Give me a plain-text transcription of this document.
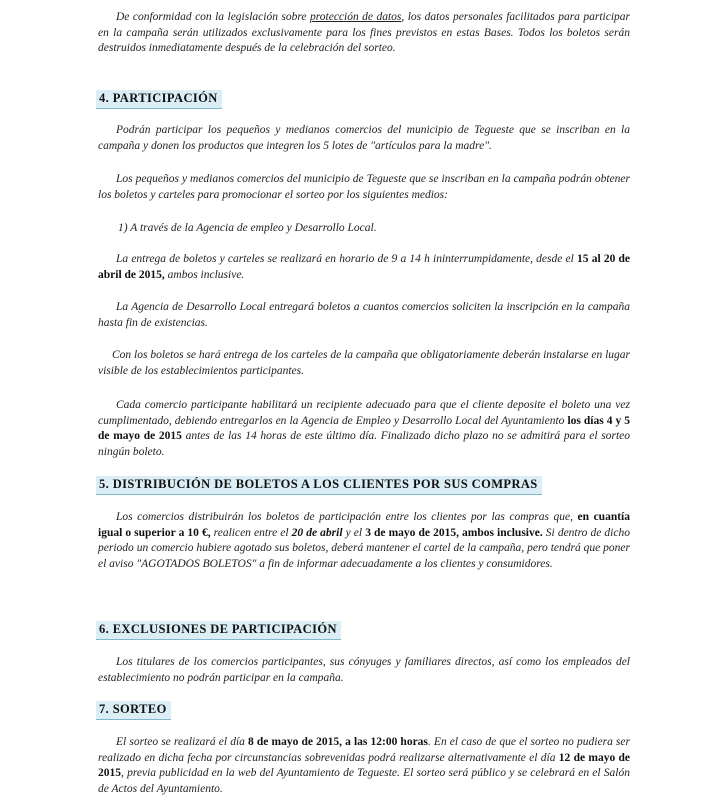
De conformidad con la legislación sobre protección de datos, los datos personales facilitados para participar en la campaña serán utilizados exclusivamente para los fines previstos en estas Bases. Todos los boletos serán destruidos inmediatamente después de la celebración del sorteo.
4. PARTICIPACIÓN
Podrán participar los pequeños y medianos comercios del municipio de Tegueste que se inscriban en la campaña y donen los productos que integren los 5 lotes de "artículos para la madre".
Los pequeños y medianos comercios del municipio de Tegueste que se inscriban en la campaña podrán obtener los boletos y carteles para promocionar el sorteo por los siguientes medios:
1) A través de la Agencia de empleo y Desarrollo Local.
La entrega de boletos y carteles se realizará en horario de 9 a 14 h ininterrumpidamente, desde el 15 al 20 de abril de 2015, ambos inclusive.
La Agencia de Desarrollo Local entregará boletos a cuantos comercios soliciten la inscripción en la campaña hasta fin de existencias.
Con los boletos se hará entrega de los carteles de la campaña que obligatoriamente deberán instalarse en lugar visible de los establecimientos participantes.
Cada comercio participante habilitará un recipiente adecuado para que el cliente deposite el boleto una vez cumplimentado, debiendo entregarlos en la Agencia de Empleo y Desarrollo Local del Ayuntamiento los días 4 y 5 de mayo de 2015 antes de las 14 horas de este último día. Finalizado dicho plazo no se admitirá para el sorteo ningún boleto.
5. DISTRIBUCIÓN DE BOLETOS A LOS CLIENTES POR SUS COMPRAS
Los comercios distribuirán los boletos de participación entre los clientes por las compras que, en cuantía igual o superior a 10 €, realicen entre el 20 de abril y el 3 de mayo de 2015, ambos inclusive. Si dentro de dicho periodo un comercio hubiere agotado sus boletos, deberá mantener el cartel de la campaña, pero tendrá que poner el aviso "AGOTADOS BOLETOS" a fin de informar adecuadamente a los clientes y consumidores.
6. EXCLUSIONES DE PARTICIPACIÓN
Los titulares de los comercios participantes, sus cónyuges y familiares directos, así como los empleados del establecimiento no podrán participar en la campaña.
7. SORTEO
El sorteo se realizará el día 8 de mayo de 2015, a las 12:00 horas. En el caso de que el sorteo no pudiera ser realizado en dicha fecha por circunstancias sobrevenidas podrá realizarse alternativamente el día 12 de mayo de 2015, previa publicidad en la web del Ayuntamiento de Tegueste. El sorteo será público y se celebrará en el Salón de Actos del Ayuntamiento.
